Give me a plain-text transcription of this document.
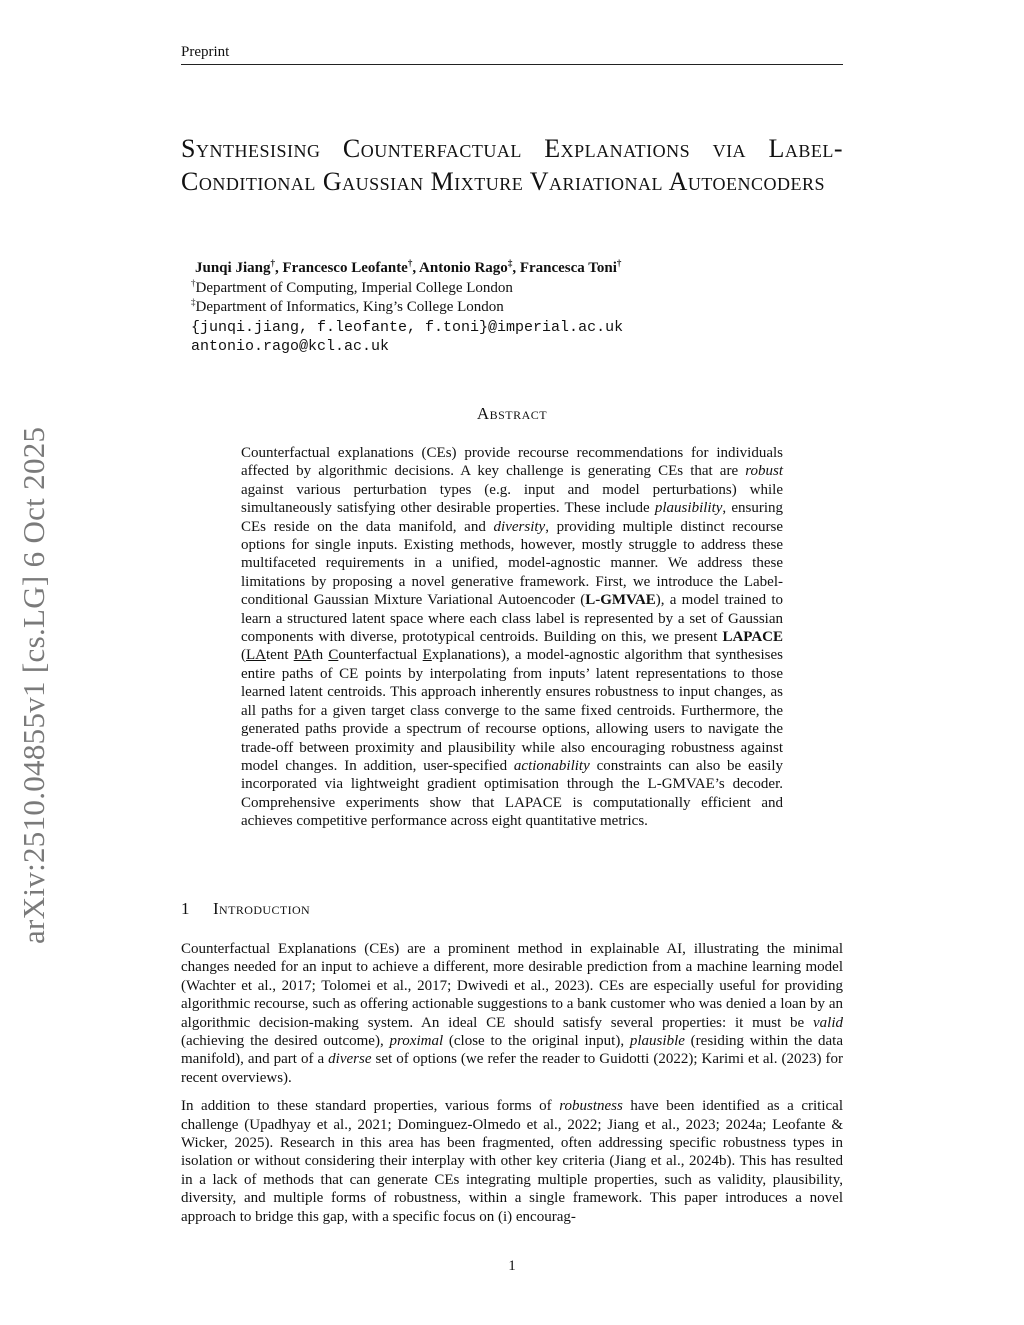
Preprint
Synthesising Counterfactual Explanations via Label-Conditional Gaussian Mixture Variational Autoencoders
Junqi Jiang†, Francesco Leofante†, Antonio Rago‡, Francesca Toni†
†Department of Computing, Imperial College London
‡Department of Informatics, King’s College London
{junqi.jiang, f.leofante, f.toni}@imperial.ac.uk
antonio.rago@kcl.ac.uk
arXiv:2510.04855v1 [cs.LG] 6 Oct 2025
Abstract
Counterfactual explanations (CEs) provide recourse recommendations for individuals affected by algorithmic decisions. A key challenge is generating CEs that are robust against various perturbation types (e.g. input and model perturbations) while simultaneously satisfying other desirable properties. These include plausibility, ensuring CEs reside on the data manifold, and diversity, providing multiple distinct recourse options for single inputs. Existing methods, however, mostly struggle to address these multifaceted requirements in a unified, model-agnostic manner. We address these limitations by proposing a novel generative framework. First, we introduce the Label-conditional Gaussian Mixture Variational Autoencoder (L-GMVAE), a model trained to learn a structured latent space where each class label is represented by a set of Gaussian components with diverse, prototypical centroids. Building on this, we present LAPACE (LAtent PAth Counterfactual Explanations), a model-agnostic algorithm that synthesises entire paths of CE points by interpolating from inputs’ latent representations to those learned latent centroids. This approach inherently ensures robustness to input changes, as all paths for a given target class converge to the same fixed centroids. Furthermore, the generated paths provide a spectrum of recourse options, allowing users to navigate the trade-off between proximity and plausibility while also encouraging robustness against model changes. In addition, user-specified actionability constraints can also be easily incorporated via lightweight gradient optimisation through the L-GMVAE’s decoder. Comprehensive experiments show that LAPACE is computationally efficient and achieves competitive performance across eight quantitative metrics.
1 Introduction

Counterfactual Explanations (CEs) are a prominent method in explainable AI, illustrating the minimal changes needed for an input to achieve a different, more desirable prediction from a machine learning model (Wachter et al., 2017; Tolomei et al., 2017; Dwivedi et al., 2023). CEs are especially useful for providing algorithmic recourse, such as offering actionable suggestions to a bank customer who was denied a loan by an algorithmic decision-making system. An ideal CE should satisfy several properties: it must be valid (achieving the desired outcome), proximal (close to the original input), plausible (residing within the data manifold), and part of a diverse set of options (we refer the reader to Guidotti (2022); Karimi et al. (2023) for recent overviews).

In addition to these standard properties, various forms of robustness have been identified as a critical challenge (Upadhyay et al., 2021; Dominguez-Olmedo et al., 2022; Jiang et al., 2023; 2024a; Leofante & Wicker, 2025). Research in this area has been fragmented, often addressing specific robustness types in isolation or without considering their interplay with other key criteria (Jiang et al., 2024b). This has resulted in a lack of methods that can generate CEs integrating multiple properties, such as validity, plausibility, diversity, and multiple forms of robustness, within a single framework. This paper introduces a novel approach to bridge this gap, with a specific focus on (i) encourag-

1
